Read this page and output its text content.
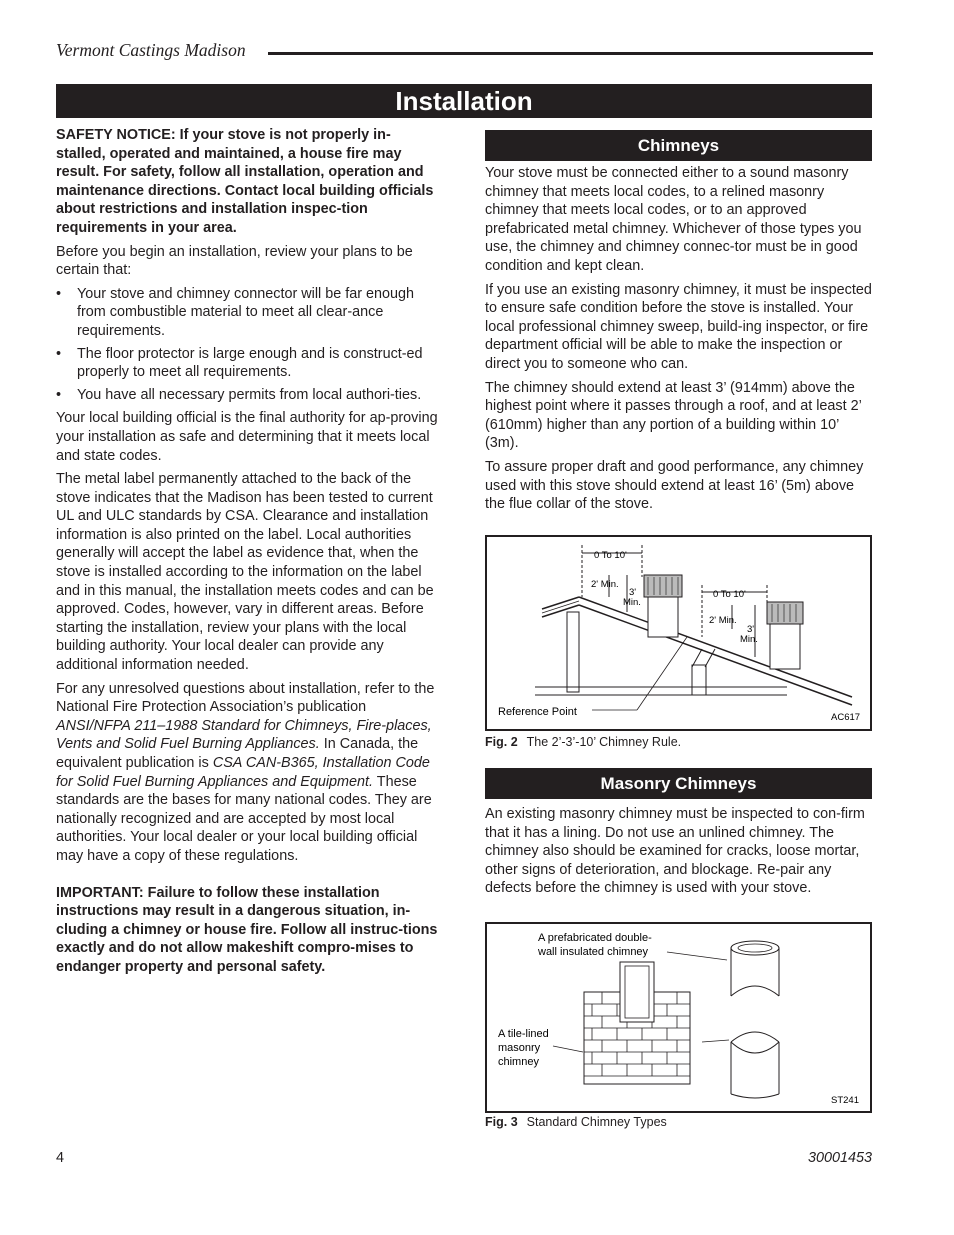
Vermont Castings Madison
Installation

SAFETY NOTICE: If your stove is not properly in-stalled, operated and maintained, a house fire may result. For safety, follow all installation, operation and maintenance directions. Contact local building officials about restrictions and installation inspec-tion requirements in your area.

Before you begin an installation, review your plans to be certain that:

• Your stove and chimney connector will be far enough from combustible material to meet all clear-ance requirements.
• The floor protector is large enough and is construct-ed properly to meet all requirements.
• You have all necessary permits from local authori-ties.

Your local building official is the final authority for ap-proving your installation as safe and determining that it meets local and state codes.

The metal label permanently attached to the back of the stove indicates that the Madison has been tested to current UL and ULC standards by CSA. Clearance and installation information is also printed on the label. Local authorities generally will accept the label as evidence that, when the stove is installed according to the information on the label and in this manual, the installation meets codes and can be approved. Codes, however, vary in different areas. Before starting the installation, review your plans with the local building authority. Your local dealer can provide any additional information needed.

For any unresolved questions about installation, refer to the National Fire Protection Association’s publication ANSI/NFPA 211–1988 Standard for Chimneys, Fire-places, Vents and Solid Fuel Burning Appliances. In Canada, the equivalent publication is CSA CAN-B365, Installation Code for Solid Fuel Burning Appliances and Equipment. These standards are the bases for many national codes. They are nationally recognized and are accepted by most local authorities. Your local dealer or your local building official may have a copy of these regulations.

IMPORTANT: Failure to follow these installation instructions may result in a dangerous situation, in-cluding a chimney or house fire. Follow all instruc-tions exactly and do not allow makeshift compro-mises to endanger property and personal safety.

Chimneys

Your stove must be connected either to a sound masonry chimney that meets local codes, to a relined masonry chimney that meets local codes, or to an approved prefabricated metal chimney. Whichever of those types you use, the chimney and chimney connec-tor must be in good condition and kept clean.

If you use an existing masonry chimney, it must be inspected to ensure safe condition before the stove is installed. Your local professional chimney sweep, build-ing inspector, or fire department official will be able to make the inspection or direct you to someone who can.

The chimney should extend at least 3’ (914mm) above the highest point where it passes through a roof, and at least 2’ (610mm) higher than any portion of a building within 10’ (3m).

To assure proper draft and good performance, any chimney used with this stove should extend at least 16’ (5m) above the flue collar of the stove.

0 To 10'
2' Min.
3'
Min.
0 To 10'
2' Min.
3'
Min.
Reference Point	AC617
Fig. 2 The 2’-3’-10’ Chimney Rule.
Masonry Chimneys

An existing masonry chimney must be inspected to con-firm that it has a lining. Do not use an unlined chimney. The chimney also should be examined for cracks, loose mortar, other signs of deterioration, and blockage. Re-pair any defects before the chimney is used with your stove.

A prefabricated double-
wall insulated chimney
A tile-lined
masonry
chimney
ST241
Fig. 3 Standard Chimney Types
4	30001453
